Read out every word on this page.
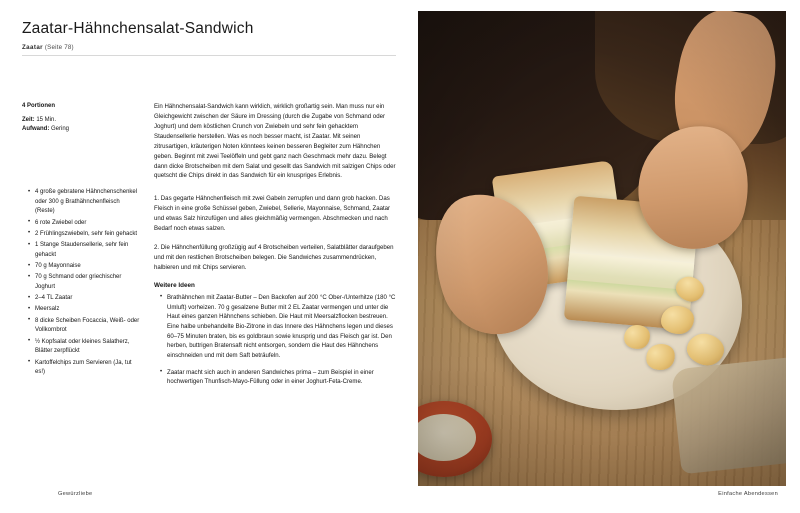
Zaatar-Hähnchensalat-Sandwich
Zaatar (Seite 78)
4 Portionen
Zeit: 15 Min.
Aufwand: Gering
• 4 große gebratene Hähnchenschenkel oder 300 g Brathähnchenfleisch (Reste)
• 6 rote Zwiebel oder
• 2 Frühlingszwiebeln, sehr fein gehackt
• 1 Stange Staudensellerie, sehr fein gehackt
• 70 g Mayonnaise
• 70 g Schmand oder griechischer Joghurt
• 2–4 TL Zaatar
• Meersalz
• 8 dicke Scheiben Focaccia, Weiß- oder Vollkornbrot
• ½ Kopfsalat oder kleines Salatherz, Blätter zerpflückt
• Kartoffelchips zum Servieren (Ja, tut es!)

Ein Hähnchensalat-Sandwich kann wirklich, wirklich großartig sein. Man muss nur ein Gleichgewicht zwischen der Säure im Dressing (durch die Zugabe von Schmand oder Joghurt) und dem köstlichen Crunch von Zwiebeln und sehr fein gehacktem Staudensellerie herstellen. Was es noch besser macht, ist Zaatar. Mit seinen zitrusartigen, kräuterigen Noten könntees keinen besseren Begleiter zum Hähnchen geben. Beginnt mit zwei Teelöffeln und gebt ganz nach Geschmack mehr dazu. Belegt dann dicke Brotscheiben mit dem Salat und gesellt das Sandwich mit salzigen Chips oder quetscht die Chips direkt in das Sandwich für ein knuspriges Erlebnis.

1. Das gegarte Hähnchenfleisch mit zwei Gabeln zerrupfen und dann grob hacken. Das Fleisch in eine große Schüssel geben, Zwiebel, Sellerie, Mayonnaise, Schmand, Zaatar und etwas Salz hinzufügen und alles gleichmäßig vermengen. Abschmecken und nach Bedarf noch etwas salzen.

2. Die Hähnchenfüllung großzügig auf 4 Brotscheiben verteilen, Salatblätter daraufgeben und mit den restlichen Brotscheiben belegen. Die Sandwiches zusammendrücken, halbieren und mit Chips servieren.

Weitere Ideen
• Brathähnchen mit Zaatar-Butter – Den Backofen auf 200 °C Ober-/Unterhitze (180 °C Umluft) vorheizen. 70 g gesalzene Butter mit 2 EL Zaatar vermengen und unter die Haut eines ganzen Hähnchens schieben. Die Haut mit Meersalzflocken bestreuen. Eine halbe unbehandelte Bio-Zitrone in das Innere des Hähnchens legen und dieses 60–75 Minuten braten, bis es goldbraun sowie knusprig und das Fleisch gar ist. Den herben, buttrigen Bratensaft nicht entsorgen, sondern die Haut des Hähnchens einschneiden und mit dem Saft beträufeln.
• Zaatar macht sich auch in anderen Sandwiches prima – zum Beispiel in einer hochwertigen Thunfisch-Mayo-Füllung oder in einer Joghurt-Feta-Creme.
Gewürzliebe	Einfache Abendessen
